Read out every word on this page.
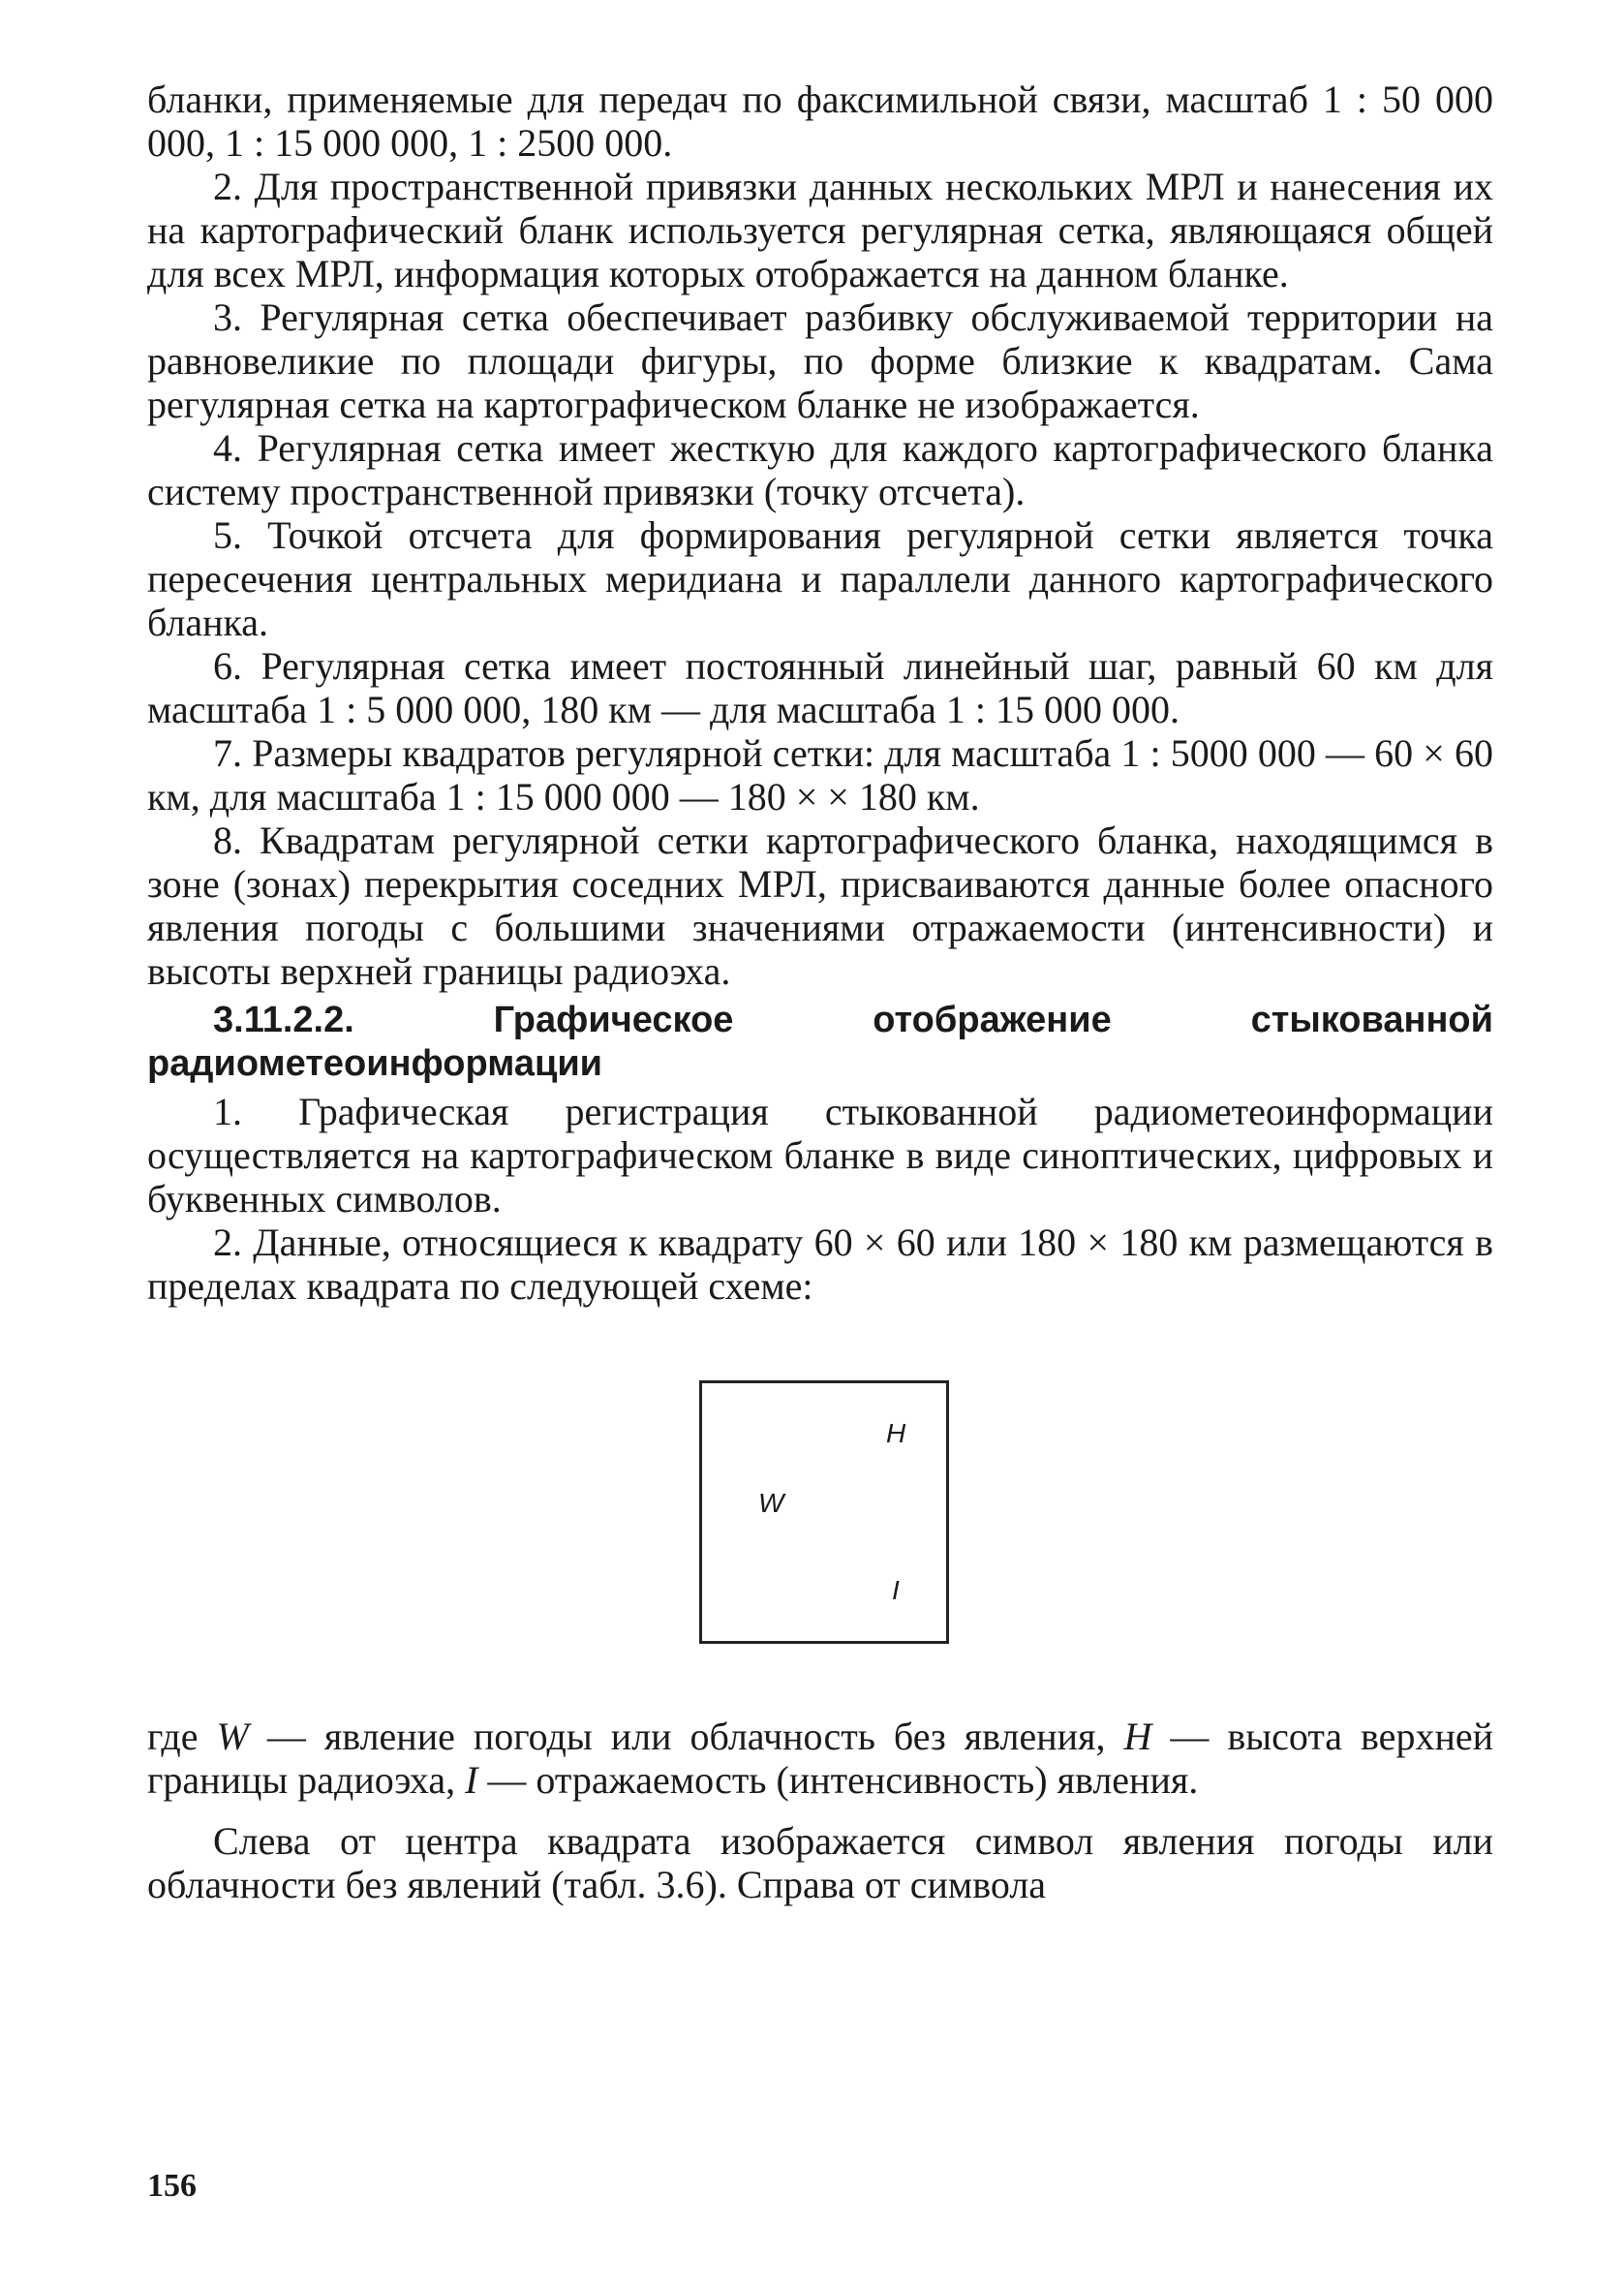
бланки, применяемые для передач по факсимильной связи, масштаб 1 : 50 000 000, 1 : 15 000 000, 1 : 2500 000.

2. Для пространственной привязки данных нескольких МРЛ и нанесения их на картографический бланк используется регулярная сетка, являющаяся общей для всех МРЛ, информация которых отображается на данном бланке.

3. Регулярная сетка обеспечивает разбивку обслуживаемой территории на равновеликие по площади фигуры, по форме близкие к квадратам. Сама регулярная сетка на картографическом бланке не изображается.

4. Регулярная сетка имеет жесткую для каждого картографического бланка систему пространственной привязки (точку отсчета).

5. Точкой отсчета для формирования регулярной сетки является точка пересечения центральных меридиана и параллели данного картографического бланка.

6. Регулярная сетка имеет постоянный линейный шаг, равный 60 км для масштаба 1 : 5 000 000, 180 км — для масштаба 1 : 15 000 000.

7. Размеры квадратов регулярной сетки: для масштаба 1 : 5000 000 — 60 × 60 км, для масштаба 1 : 15 000 000 — 180 × × 180 км.

8. Квадратам регулярной сетки картографического бланка, находящимся в зоне (зонах) перекрытия соседних МРЛ, присваиваются данные более опасного явления погоды с большими значениями отражаемости (интенсивности) и высоты верхней границы радиоэха.

3.11.2.2. Графическое отображение стыкованной радиометеоинформации

1. Графическая регистрация стыкованной радиометеоинформации осуществляется на картографическом бланке в виде синоптических, цифровых и буквенных символов.

2. Данные, относящиеся к квадрату 60 × 60 или 180 × 180 км размещаются в пределах квадрата по следующей схеме:

H
W
I

где W — явление погоды или облачность без явления, H — высота верхней границы радиоэха, I — отражаемость (интенсивность) явления.

Слева от центра квадрата изображается символ явления погоды или облачности без явлений (табл. 3.6). Справа от символа

156
